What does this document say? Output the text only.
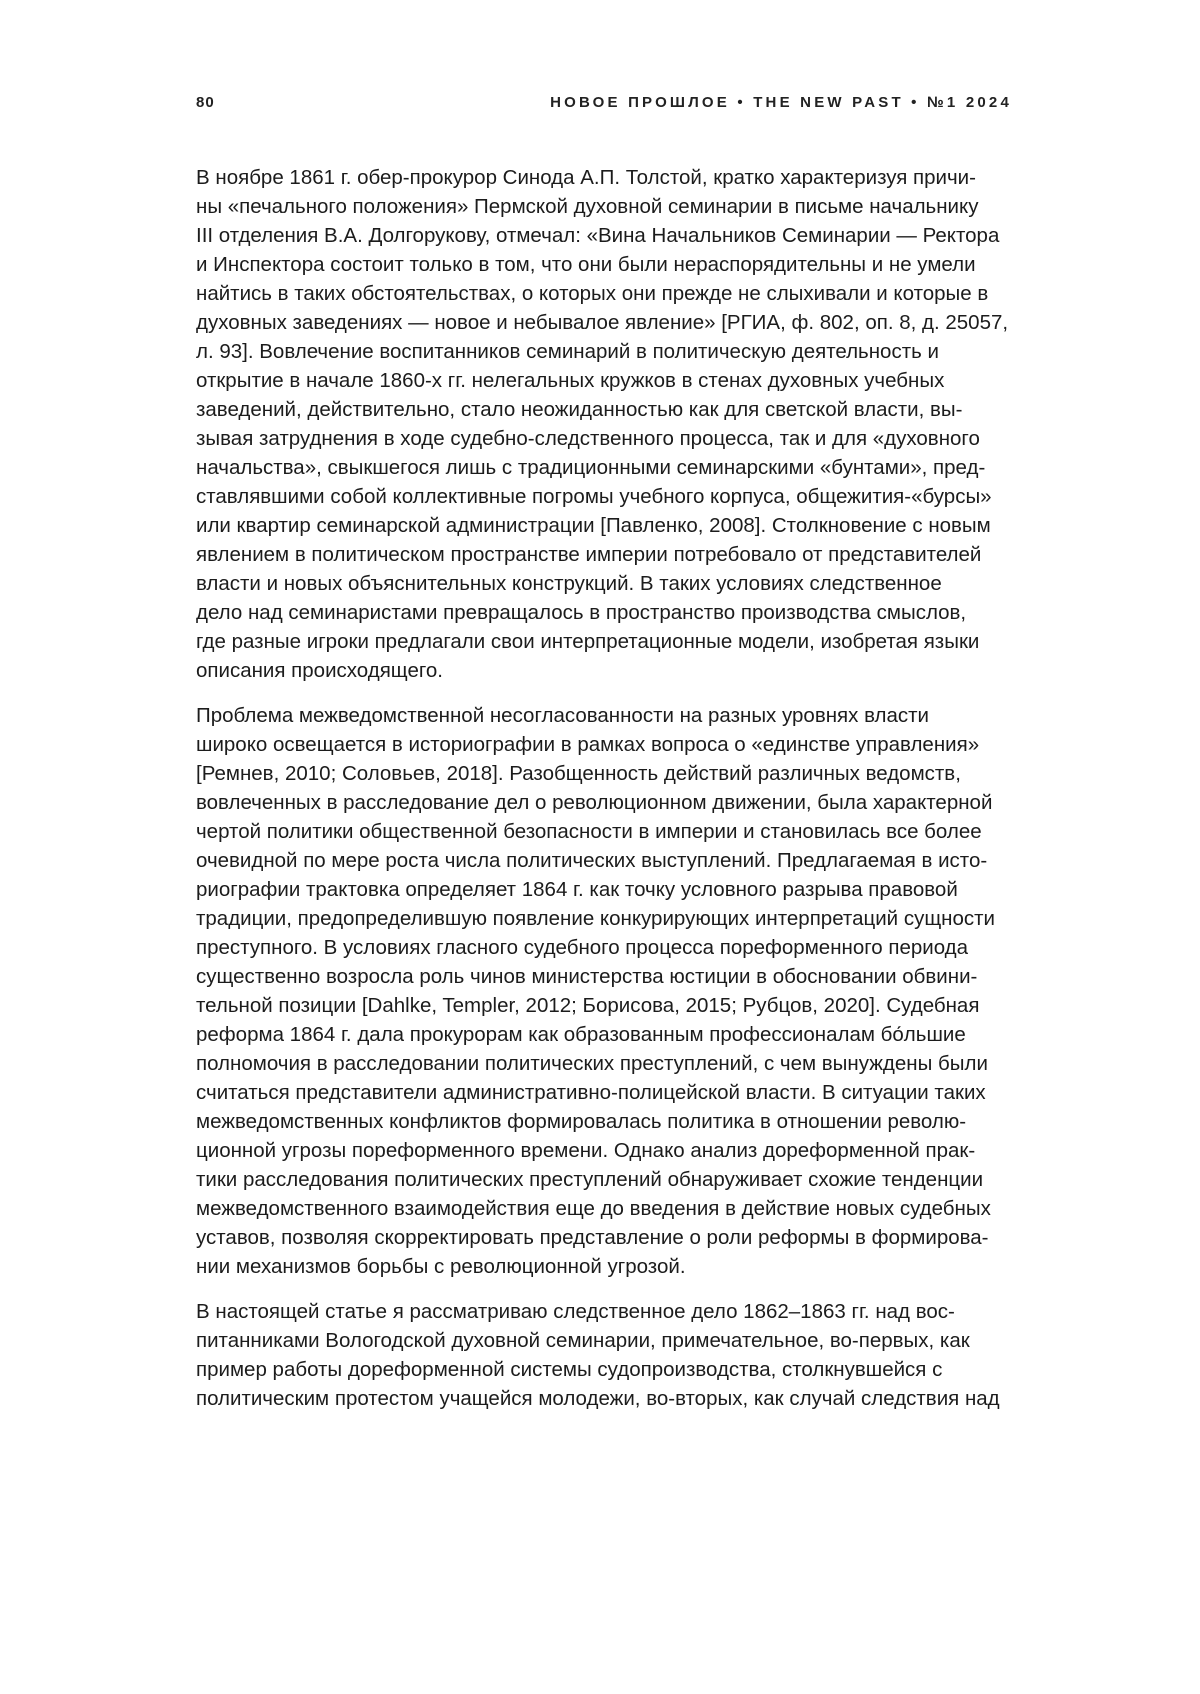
80	НОВОЕ ПРОШЛОЕ • THE NEW PAST • №1 2024
В ноябре 1861 г. обер-прокурор Синода А.П. Толстой, кратко характеризуя причи-
ны «печального положения» Пермской духовной семинарии в письме начальнику
III отделения В.А. Долгорукову, отмечал: «Вина Начальников Семинарии — Ректора
и Инспектора состоит только в том, что они были нераспорядительны и не умели
найтись в таких обстоятельствах, о которых они прежде не слыхивали и которые в
духовных заведениях — новое и небывалое явление» [РГИА, ф. 802, оп. 8, д. 25057,
л. 93]. Вовлечение воспитанников семинарий в политическую деятельность и
открытие в начале 1860-х гг. нелегальных кружков в стенах духовных учебных
заведений, действительно, стало неожиданностью как для светской власти, вы-
зывая затруднения в ходе судебно-следственного процесса, так и для «духовного
начальства», свыкшегося лишь с традиционными семинарскими «бунтами», пред-
ставлявшими собой коллективные погромы учебного корпуса, общежития-«бурсы»
или квартир семинарской администрации [Павленко, 2008]. Столкновение с новым
явлением в политическом пространстве империи потребовало от представителей
власти и новых объяснительных конструкций. В таких условиях следственное
дело над семинаристами превращалось в пространство производства смыслов,
где разные игроки предлагали свои интерпретационные модели, изобретая языки
описания происходящего.
Проблема межведомственной несогласованности на разных уровнях власти
широко освещается в историографии в рамках вопроса о «единстве управления»
[Ремнев, 2010; Соловьев, 2018]. Разобщенность действий различных ведомств,
вовлеченных в расследование дел о революционном движении, была характерной
чертой политики общественной безопасности в империи и становилась все более
очевидной по мере роста числа политических выступлений. Предлагаемая в исто-
риографии трактовка определяет 1864 г. как точку условного разрыва правовой
традиции, предопределившую появление конкурирующих интерпретаций сущности
преступного. В условиях гласного судебного процесса пореформенного периода
существенно возросла роль чинов министерства юстиции в обосновании обвини-
тельной позиции [Dahlke, Templer, 2012; Борисова, 2015; Рубцов, 2020]. Судебная
реформа 1864 г. дала прокурорам как образованным профессионалам бо́льшие
полномочия в расследовании политических преступлений, с чем вынуждены были
считаться представители административно-полицейской власти. В ситуации таких
межведомственных конфликтов формировалась политика в отношении револю-
ционной угрозы пореформенного времени. Однако анализ дореформенной прак-
тики расследования политических преступлений обнаруживает схожие тенденции
межведомственного взаимодействия еще до введения в действие новых судебных
уставов, позволяя скорректировать представление о роли реформы в формирова-
нии механизмов борьбы с революционной угрозой.
В настоящей статье я рассматриваю следственное дело 1862–1863 гг. над вос-
питанниками Вологодской духовной семинарии, примечательное, во-первых, как
пример работы дореформенной системы судопроизводства, столкнувшейся с
политическим протестом учащейся молодежи, во-вторых, как случай следствия над
